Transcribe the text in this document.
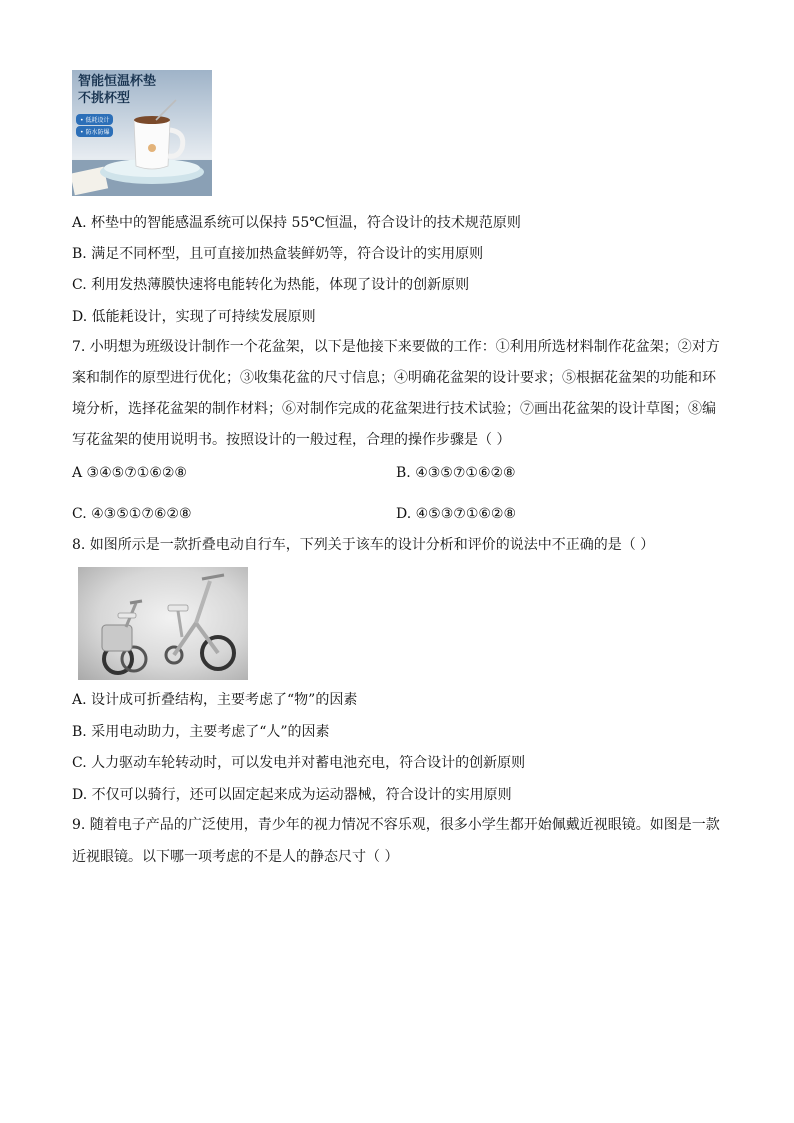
智能恒温杯垫
不挑杯型
• 低耗设计
• 防水防爆
A. 杯垫中的智能感温系统可以保持 55℃恒温，符合设计的技术规范原则
B. 满足不同杯型，且可直接加热盒装鲜奶等，符合设计的实用原则
C. 利用发热薄膜快速将电能转化为热能，体现了设计的创新原则
D. 低能耗设计，实现了可持续发展原则
7. 小明想为班级设计制作一个花盆架，以下是他接下来要做的工作：①利用所选材料制作花盆架；②对方
案和制作的原型进行优化；③收集花盆的尺寸信息；④明确花盆架的设计要求；⑤根据花盆架的功能和环
境分析，选择花盆架的制作材料；⑥对制作完成的花盆架进行技术试验；⑦画出花盆架的设计草图；⑧编
写花盆架的使用说明书。按照设计的一般过程，合理的操作步骤是（ ）
A ③④⑤⑦①⑥②⑧	B. ④③⑤⑦①⑥②⑧
C. ④③⑤①⑦⑥②⑧	D. ④⑤③⑦①⑥②⑧
8. 如图所示是一款折叠电动自行车，下列关于该车的设计分析和评价的说法中不正确的是（ ）
A. 设计成可折叠结构，主要考虑了“物”的因素
B. 采用电动助力，主要考虑了“人”的因素
C. 人力驱动车轮转动时，可以发电并对蓄电池充电，符合设计的创新原则
D. 不仅可以骑行，还可以固定起来成为运动器械，符合设计的实用原则
9. 随着电子产品的广泛使用，青少年的视力情况不容乐观，很多小学生都开始佩戴近视眼镜。如图是一款
近视眼镜。以下哪一项考虑的不是人的静态尺寸（ ）
